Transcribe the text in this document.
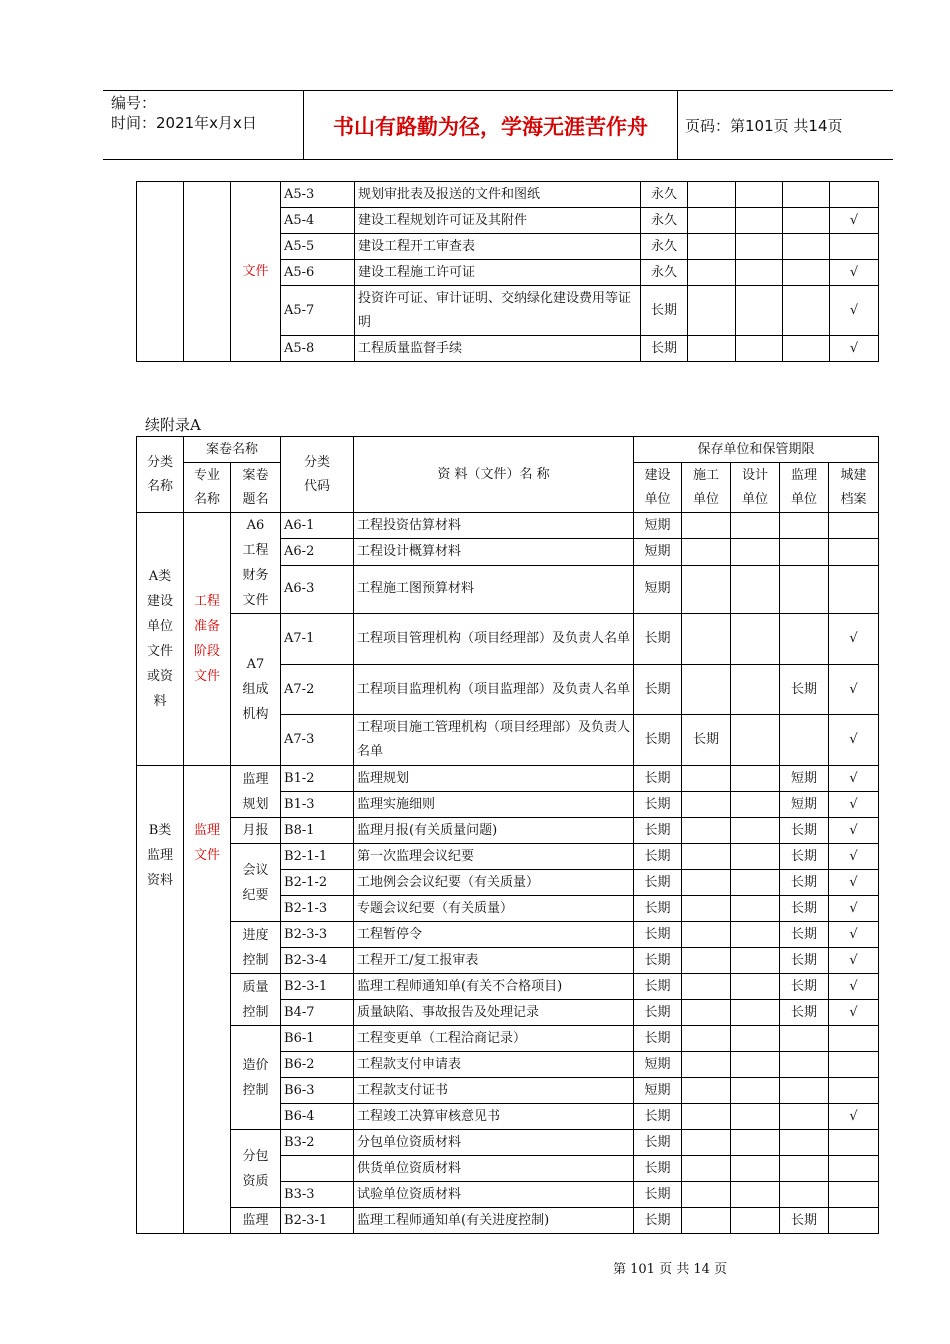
编号：
时间：2021年x月x日	书山有路勤为径，学海无涯苦作舟	页码：第101页 共14页
		文件	A5-3	规划审批表及报送的文件和图纸	永久				
			A5-4	建设工程规划许可证及其附件	永久				√
			A5-5	建设工程开工审查表	永久				
			A5-6	建设工程施工许可证	永久				√
			A5-7	投资许可证、审计证明、交纳绿化建设费用等证明	长期				√
			A5-8	工程质量监督手续	长期				√
续附录A
分类名称	案卷名称		分类代码	资 料（文件）名 称	保存单位和保管期限				

	专业名称	案卷题名			建设单位	施工单位	设计单位	监理单位	城建档案

A类建设单位文件或资料	工程准备阶段文件	A6工程财务文件	A6-1	工程投资估算材料	短期				
			A6-2	工程设计概算材料	短期				
			A6-3	工程施工图预算材料	短期				

		A7组成机构	A7-1	工程项目管理机构（项目经理部）及负责人名单	长期				√
			A7-2	工程项目监理机构（项目监理部）及负责人名单	长期			长期	√
			A7-3	工程项目施工管理机构（项目经理部）及负责人名单	长期	长期			√

B类监理资料	监理文件	监理规划	B1-2	监理规划	长期			短期	√
			B1-3	监理实施细则	长期			短期	√

		月报	B8-1	监理月报(有关质量问题)	长期			长期	√

		会议纪要	B2-1-1	第一次监理会议纪要	长期			长期	√
			B2-1-2	工地例会会议纪要（有关质量）	长期			长期	√
			B2-1-3	专题会议纪要（有关质量）	长期			长期	√

		进度控制	B2-3-3	工程暂停令	长期			长期	√
			B2-3-4	工程开工/复工报审表	长期			长期	√

		质量控制	B2-3-1	监理工程师通知单(有关不合格项目)	长期			长期	√
			B4-7	质量缺陷、事故报告及处理记录	长期			长期	√

		造价控制	B6-1	工程变更单（工程洽商记录）	长期				
			B6-2	工程款支付申请表	短期				
			B6-3	工程款支付证书	短期				
			B6-4	工程竣工决算审核意见书	长期				√

		分包资质	B3-2	分包单位资质材料	长期				
				供货单位资质材料	长期				
			B3-3	试验单位资质材料	长期				

		监理	B2-3-1	监理工程师通知单(有关进度控制)	长期			长期	
第 101 页 共 14 页
